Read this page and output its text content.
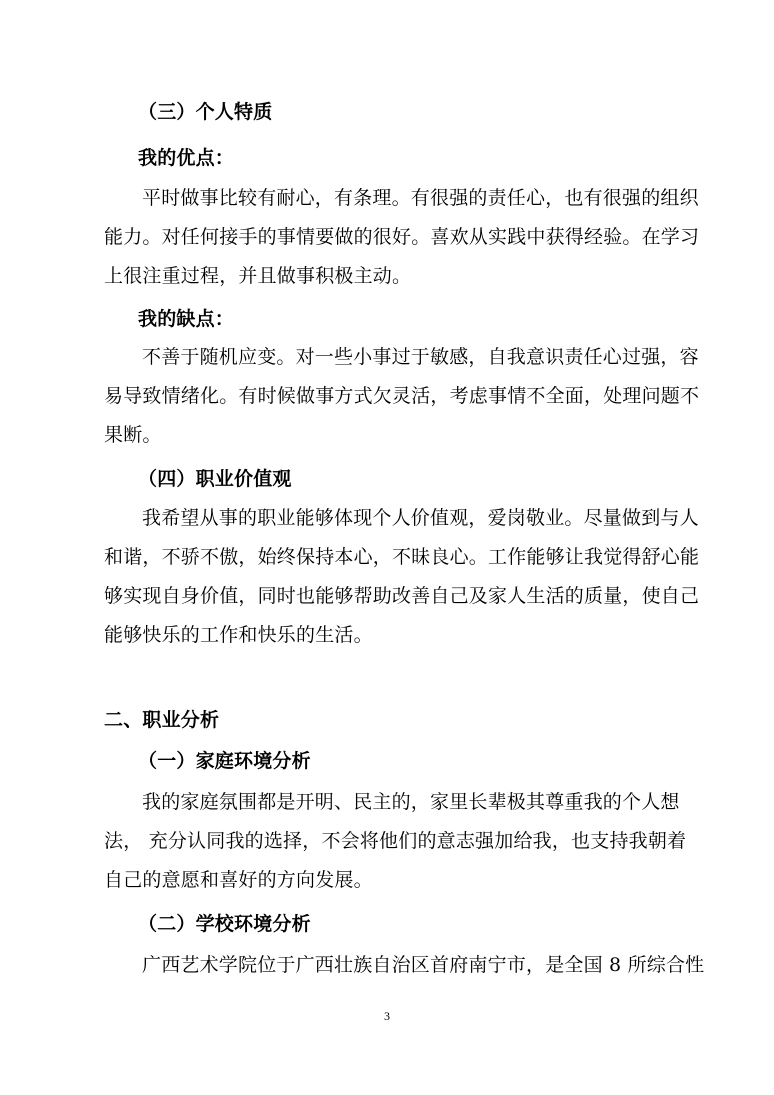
（三）个人特质
我的优点：
平时做事比较有耐心，有条理。有很强的责任心，也有很强的组织
能力。对任何接手的事情要做的很好。喜欢从实践中获得经验。在学习
上很注重过程，并且做事积极主动。
我的缺点：
不善于随机应变。对一些小事过于敏感，自我意识责任心过强，容
易导致情绪化。有时候做事方式欠灵活，考虑事情不全面，处理问题不
果断。
（四）职业价值观
我希望从事的职业能够体现个人价值观，爱岗敬业。尽量做到与人
和谐，不骄不傲，始终保持本心，不昧良心。工作能够让我觉得舒心能
够实现自身价值，同时也能够帮助改善自己及家人生活的质量，使自己
能够快乐的工作和快乐的生活。
二、职业分析
（一）家庭环境分析
我的家庭氛围都是开明、民主的，家里长辈极其尊重我的个人想
法， 充分认同我的选择，不会将他们的意志强加给我，也支持我朝着
自己的意愿和喜好的方向发展。
（二）学校环境分析
广西艺术学院位于广西壮族自治区首府南宁市，是全国 8 所综合性
3
